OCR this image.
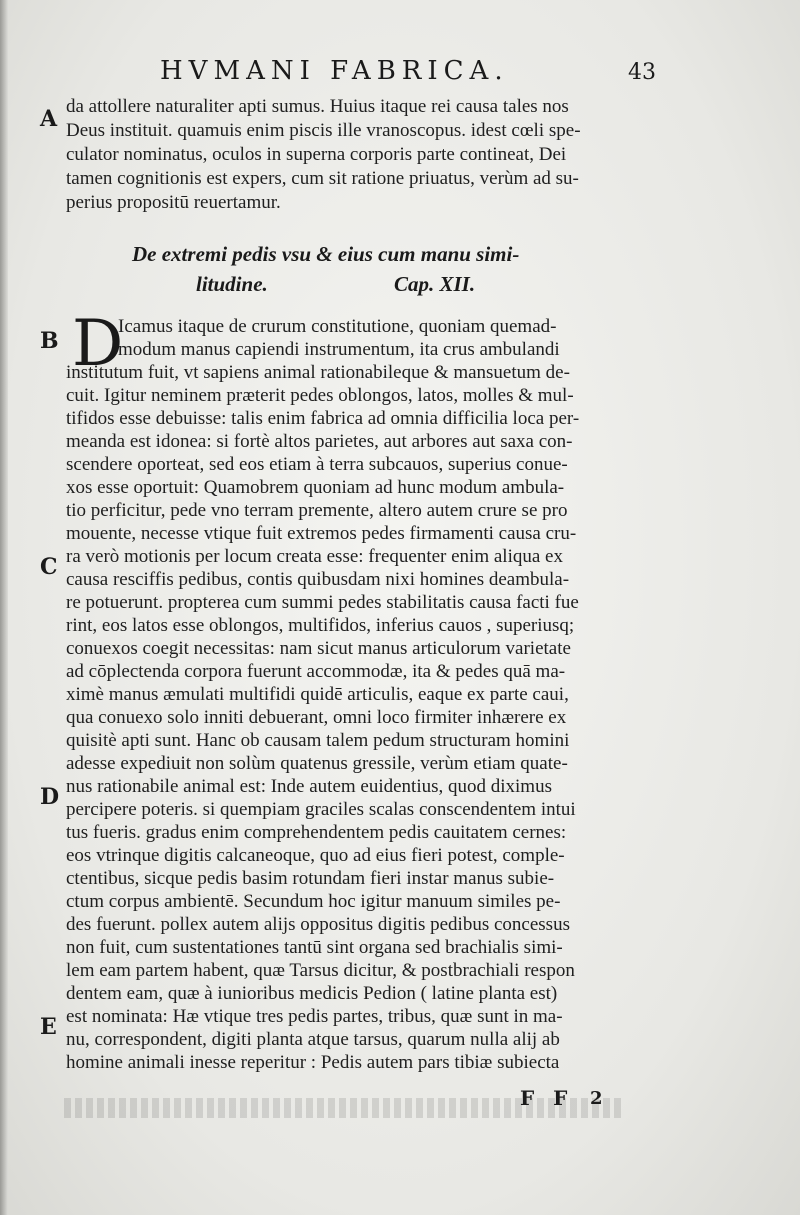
HVMANI FABRICA.	43
A
B
C
D
E
da attollere naturaliter apti sumus. Huius itaque rei causa tales nos
Deus instituit. quamuis enim piscis ille vranoscopus. idest cœli spe-
culator nominatus, oculos in superna corporis parte contineat, Dei
tamen cognitionis est expers, cum sit ratione priuatus, verùm ad su-
perius propositū reuertamur.
De extremi pedis vsu & eius cum manu simi-
litudine.	Cap. XII.
D
Icamus itaque de crurum constitutione, quoniam quemad-
modum manus capiendi instrumentum, ita crus ambulandi
institutum fuit, vt sapiens animal rationabileque & mansuetum de-
cuit. Igitur neminem præterit pedes oblongos, latos, molles & mul-
tifidos esse debuisse: talis enim fabrica ad omnia difficilia loca per-
meanda est idonea: si fortè altos parietes, aut arbores aut saxa con-
scendere oporteat, sed eos etiam à terra subcauos, superius conue-
xos esse oportuit: Quamobrem quoniam ad hunc modum ambula-
tio perficitur, pede vno terram premente, altero autem crure se pro
mouente, necesse vtique fuit extremos pedes firmamenti causa cru-
ra verò motionis per locum creata esse: frequenter enim aliqua ex
causa resciffis pedibus, contis quibusdam nixi homines deambula-
re potuerunt. propterea cum summi pedes stabilitatis causa facti fue
rint, eos latos esse oblongos, multifidos, inferius cauos , superiusq;
conuexos coegit necessitas: nam sicut manus articulorum varietate
ad cōplectenda corpora fuerunt accommodæ, ita & pedes quā ma-
ximè manus æmulati multifidi quidē articulis, eaque ex parte caui,
qua conuexo solo inniti debuerant, omni loco firmiter inhærere ex
quisitè apti sunt. Hanc ob causam talem pedum structuram homini
adesse expediuit non solùm quatenus gressile, verùm etiam quate-
nus rationabile animal est: Inde autem euidentius, quod diximus
percipere poteris. si quempiam graciles scalas conscendentem intui
tus fueris. gradus enim comprehendentem pedis cauitatem cernes:
eos vtrinque digitis calcaneoque, quo ad eius fieri potest, comple-
ctentibus, sicque pedis basim rotundam fieri instar manus subie-
ctum corpus ambientē. Secundum hoc igitur manuum similes pe-
des fuerunt. pollex autem alijs oppositus digitis pedibus concessus
non fuit, cum sustentationes tantū sint organa sed brachialis simi-
lem eam partem habent, quæ Tarsus dicitur, & postbrachiali respon
dentem eam, quæ à iunioribus medicis Pedion ( latine planta est)
est nominata: Hæ vtique tres pedis partes, tribus, quæ sunt in ma-
nu, correspondent, digiti planta atque tarsus, quarum nulla alij ab
homine animali inesse reperitur : Pedis autem pars tibiæ subiecta
F F 2
